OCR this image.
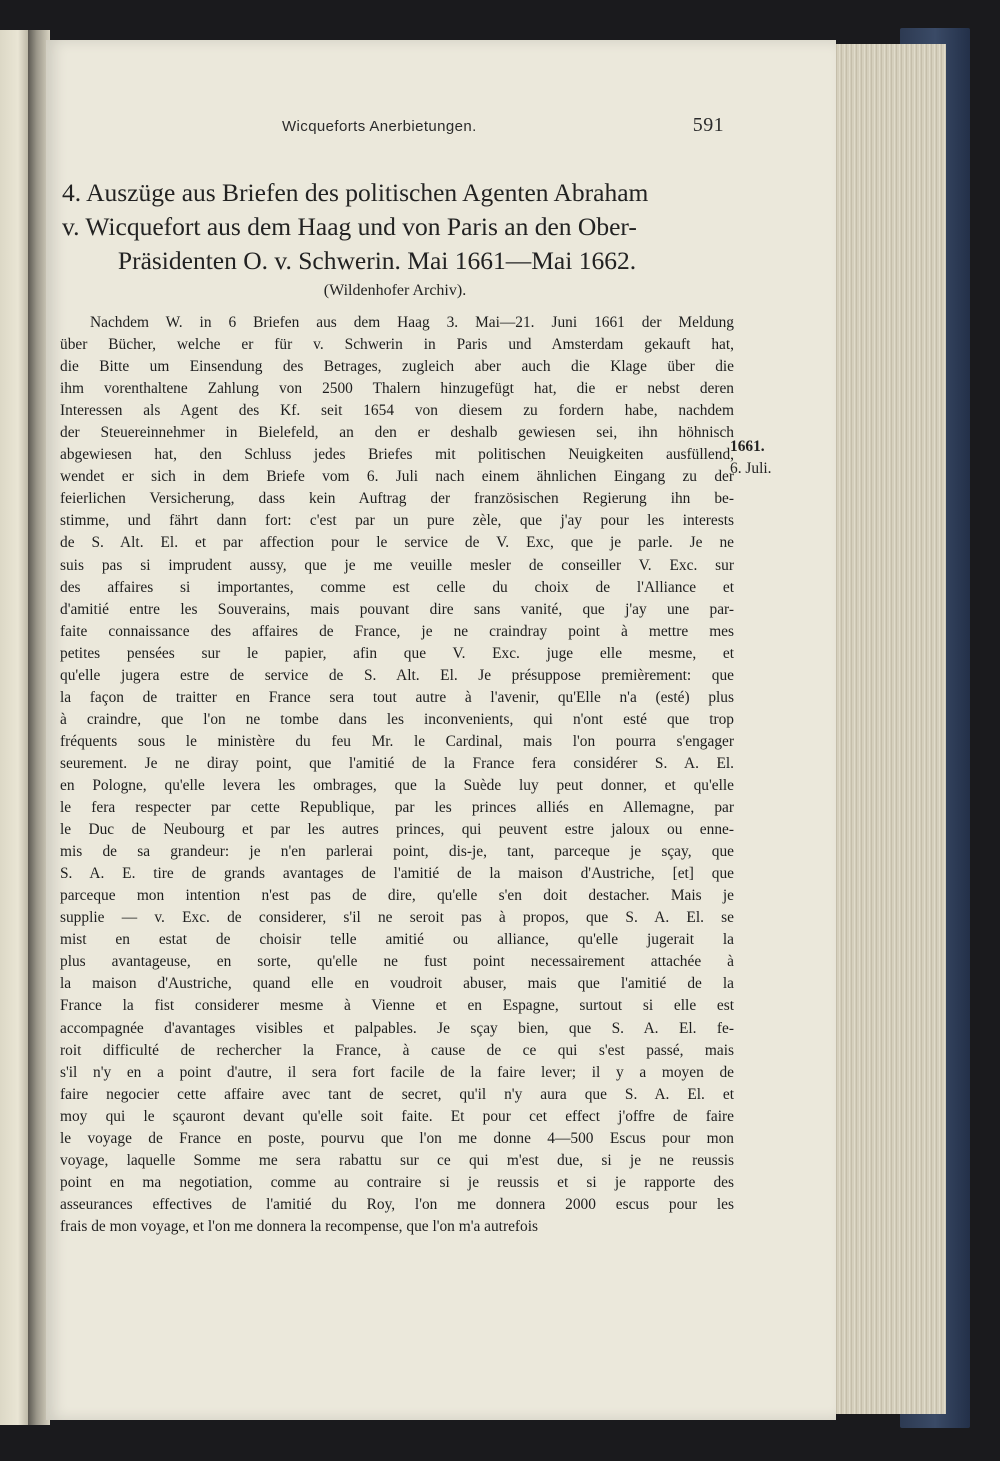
Wicqueforts Anerbietungen.	591
4. Auszüge aus Briefen des politischen Agenten Abraham
v. Wicquefort aus dem Haag und von Paris an den Ober-

Präsidenten O. v. Schwerin. Mai 1661—Mai 1662.
(Wildenhofer Archiv).
Nachdem W. in 6 Briefen aus dem Haag 3. Mai—21. Juni 1661 der Meldung
über Bücher, welche er für v. Schwerin in Paris und Amsterdam gekauft hat,
die Bitte um Einsendung des Betrages, zugleich aber auch die Klage über die
ihm vorenthaltene Zahlung von 2500 Thalern hinzugefügt hat, die er nebst deren
Interessen als Agent des Kf. seit 1654 von diesem zu fordern habe, nachdem
der Steuereinnehmer in Bielefeld, an den er deshalb gewiesen sei, ihn höhnisch
abgewiesen hat, den Schluss jedes Briefes mit politischen Neuigkeiten ausfüllend,
wendet er sich in dem Briefe vom 6. Juli nach einem ähnlichen Eingang zu der
feierlichen Versicherung, dass kein Auftrag der französischen Regierung ihn be-
stimme, und fährt dann fort: c'est par un pure zèle, que j'ay pour les interests
de S. Alt. El. et par affection pour le service de V. Exc, que je parle. Je ne
suis pas si imprudent aussy, que je me veuille mesler de conseiller V. Exc. sur
des affaires si importantes, comme est celle du choix de l'Alliance et
d'amitié entre les Souverains, mais pouvant dire sans vanité, que j'ay une par-
faite connaissance des affaires de France, je ne craindray point à mettre mes
petites pensées sur le papier, afin que V. Exc. juge elle mesme, et
qu'elle jugera estre de service de S. Alt. El. Je présuppose premièrement: que
la façon de traitter en France sera tout autre à l'avenir, qu'Elle n'a (esté) plus
à craindre, que l'on ne tombe dans les inconvenients, qui n'ont esté que trop
fréquents sous le ministère du feu Mr. le Cardinal, mais l'on pourra s'engager
seurement. Je ne diray point, que l'amitié de la France fera considérer S. A. El.
en Pologne, qu'elle levera les ombrages, que la Suède luy peut donner, et qu'elle
le fera respecter par cette Republique, par les princes alliés en Allemagne, par
le Duc de Neubourg et par les autres princes, qui peuvent estre jaloux ou enne-
mis de sa grandeur: je n'en parlerai point, dis-je, tant, parceque je sçay, que
S. A. E. tire de grands avantages de l'amitié de la maison d'Austriche, [et] que
parceque mon intention n'est pas de dire, qu'elle s'en doit destacher. Mais je
supplie — v. Exc. de considerer, s'il ne seroit pas à propos, que S. A. El. se
mist en estat de choisir telle amitié ou alliance, qu'elle jugerait la
plus avantageuse, en sorte, qu'elle ne fust point necessairement attachée à
la maison d'Austriche, quand elle en voudroit abuser, mais que l'amitié de la
France la fist considerer mesme à Vienne et en Espagne, surtout si elle est
accompagnée d'avantages visibles et palpables. Je sçay bien, que S. A. El. fe-
roit difficulté de rechercher la France, à cause de ce qui s'est passé, mais
s'il n'y en a point d'autre, il sera fort facile de la faire lever; il y a moyen de
faire negocier cette affaire avec tant de secret, qu'il n'y aura que S. A. El. et
moy qui le sçauront devant qu'elle soit faite. Et pour cet effect j'offre de faire
le voyage de France en poste, pourvu que l'on me donne 4—500 Escus pour mon
voyage, laquelle Somme me sera rabattu sur ce qui m'est due, si je ne reussis
point en ma negotiation, comme au contraire si je reussis et si je rapporte des
asseurances effectives de l'amitié du Roy, l'on me donnera 2000 escus pour les
frais de mon voyage, et l'on me donnera la recompense, que l'on m'a autrefois
1661.
6. Juli.
